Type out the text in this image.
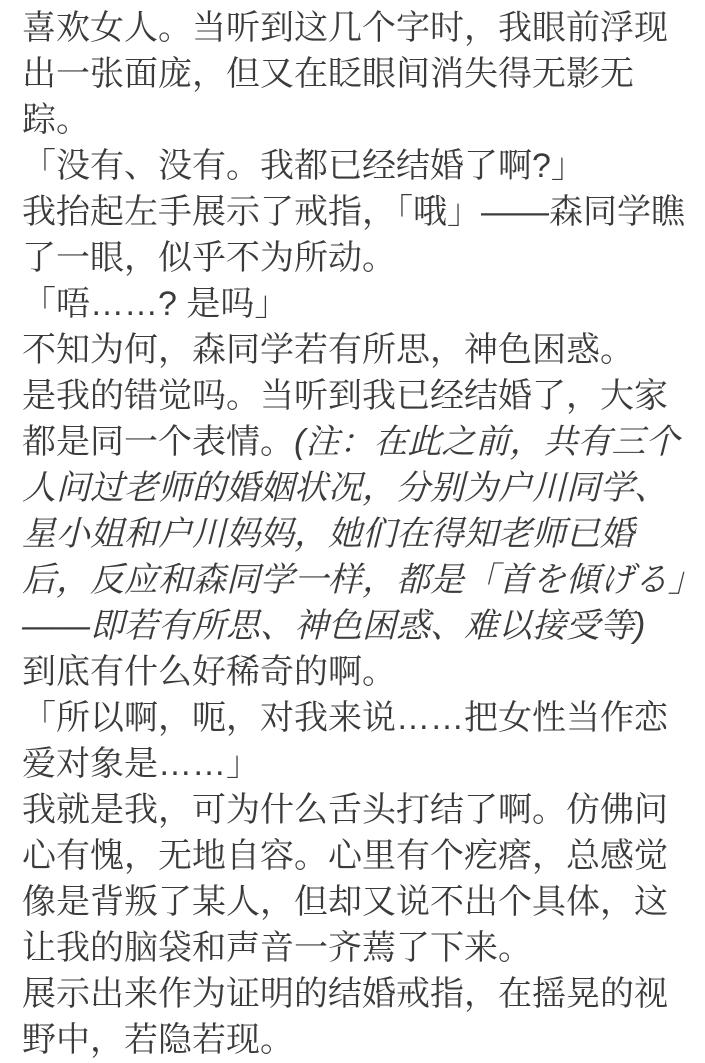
喜欢女人。当听到这几个字时，我眼前浮现出一张面庞，但又在眨眼间消失得无影无踪。

「没有、没有。我都已经结婚了啊?」

我抬起左手展示了戒指，「哦」——森同学瞧了一眼，似乎不为所动。

「唔……? 是吗」

不知为何，森同学若有所思，神色困惑。

是我的错觉吗。当听到我已经结婚了，大家都是同一个表情。(注：在此之前，共有三个人问过老师的婚姻状况，分别为户川同学、星小姐和户川妈妈，她们在得知老师已婚后，反应和森同学一样，都是「首を傾げる」——即若有所思、神色困惑、难以接受等)

到底有什么好稀奇的啊。

「所以啊，呃，对我来说……把女性当作恋爱对象是……」

我就是我，可为什么舌头打结了啊。仿佛问心有愧，无地自容。心里有个疙瘩，总感觉像是背叛了某人，但却又说不出个具体，这让我的脑袋和声音一齐蔫了下来。

展示出来作为证明的结婚戒指，在摇晃的视野中，若隐若现。
